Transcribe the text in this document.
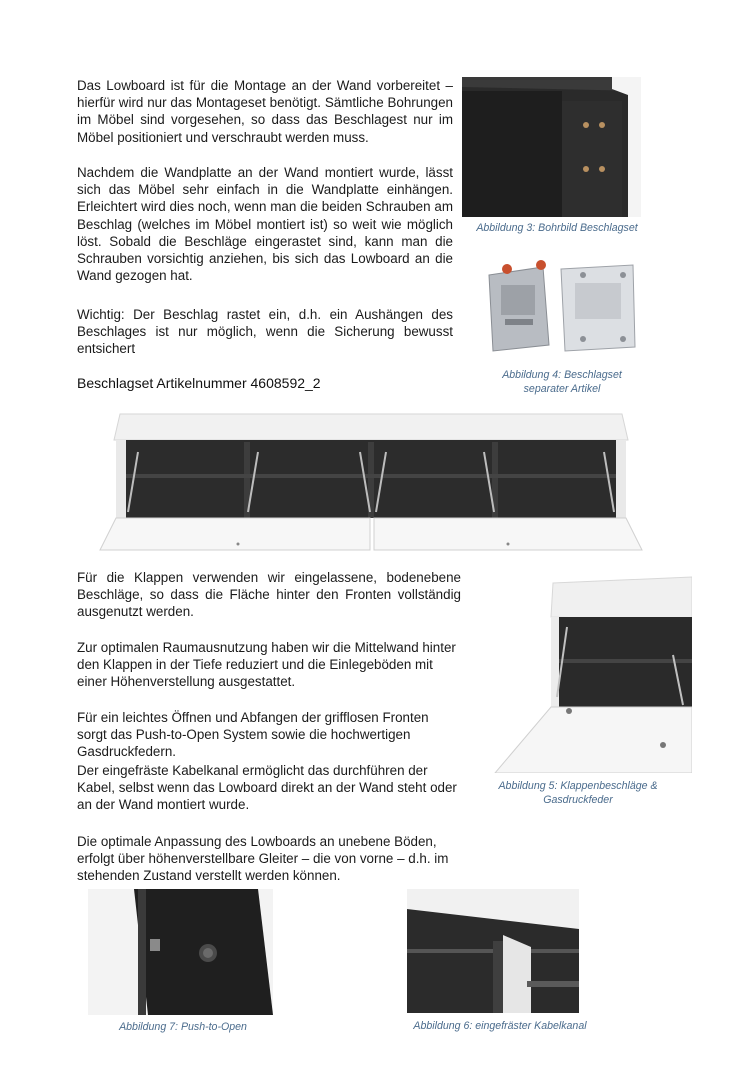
Das Lowboard ist für die Montage an der Wand vorbereitet – hierfür wird nur das Montageset benötigt. Sämtliche Bohrungen im Möbel sind vorgesehen, so dass das Beschlagest nur im Möbel positioniert und verschraubt werden muss.

Nachdem die Wandplatte an der Wand montiert wurde, lässt sich das Möbel sehr einfach in die Wandplatte einhängen. Erleichtert wird dies noch, wenn man die beiden Schrauben am Beschlag (welches im Möbel montiert ist) so weit wie möglich löst. Sobald die Beschläge eingerastet sind, kann man die Schrauben vorsichtig anziehen, bis sich das Lowboard an die Wand gezogen hat.

Wichtig: Der Beschlag rastet ein, d.h. ein Aushängen des Beschlages ist nur möglich, wenn die Sicherung bewusst entsichert

Beschlagset Artikelnummer 4608592_2

Für die Klappen verwenden wir eingelassene, bodenebene Beschläge, so dass die Fläche hinter den Fronten vollständig ausgenutzt werden.

Zur optimalen Raumausnutzung haben wir die Mittelwand hinter den Klappen in der Tiefe reduziert und die Einlegeböden mit einer Höhenverstellung ausgestattet.

Für ein leichtes Öffnen und Abfangen der grifflosen Fronten sorgt das Push-to-Open System sowie die hochwertigen Gasdruckfedern.

Der eingefräste Kabelkanal ermöglicht das durchführen der Kabel, selbst wenn das Lowboard direkt an der Wand steht oder an der Wand montiert wurde.

Die optimale Anpassung des Lowboards an unebene Böden, erfolgt über höhenverstellbare Gleiter – die von vorne – d.h. im stehenden Zustand verstellt werden können.

Abbildung 3: Bohrbild Beschlagset
Abbildung 4: Beschlagset
separater Artikel
Abbildung 5: Klappenbeschläge &
Gasdruckfeder
Abbildung 7: Push-to-Open	Abbildung 6: eingefräster Kabelkanal
